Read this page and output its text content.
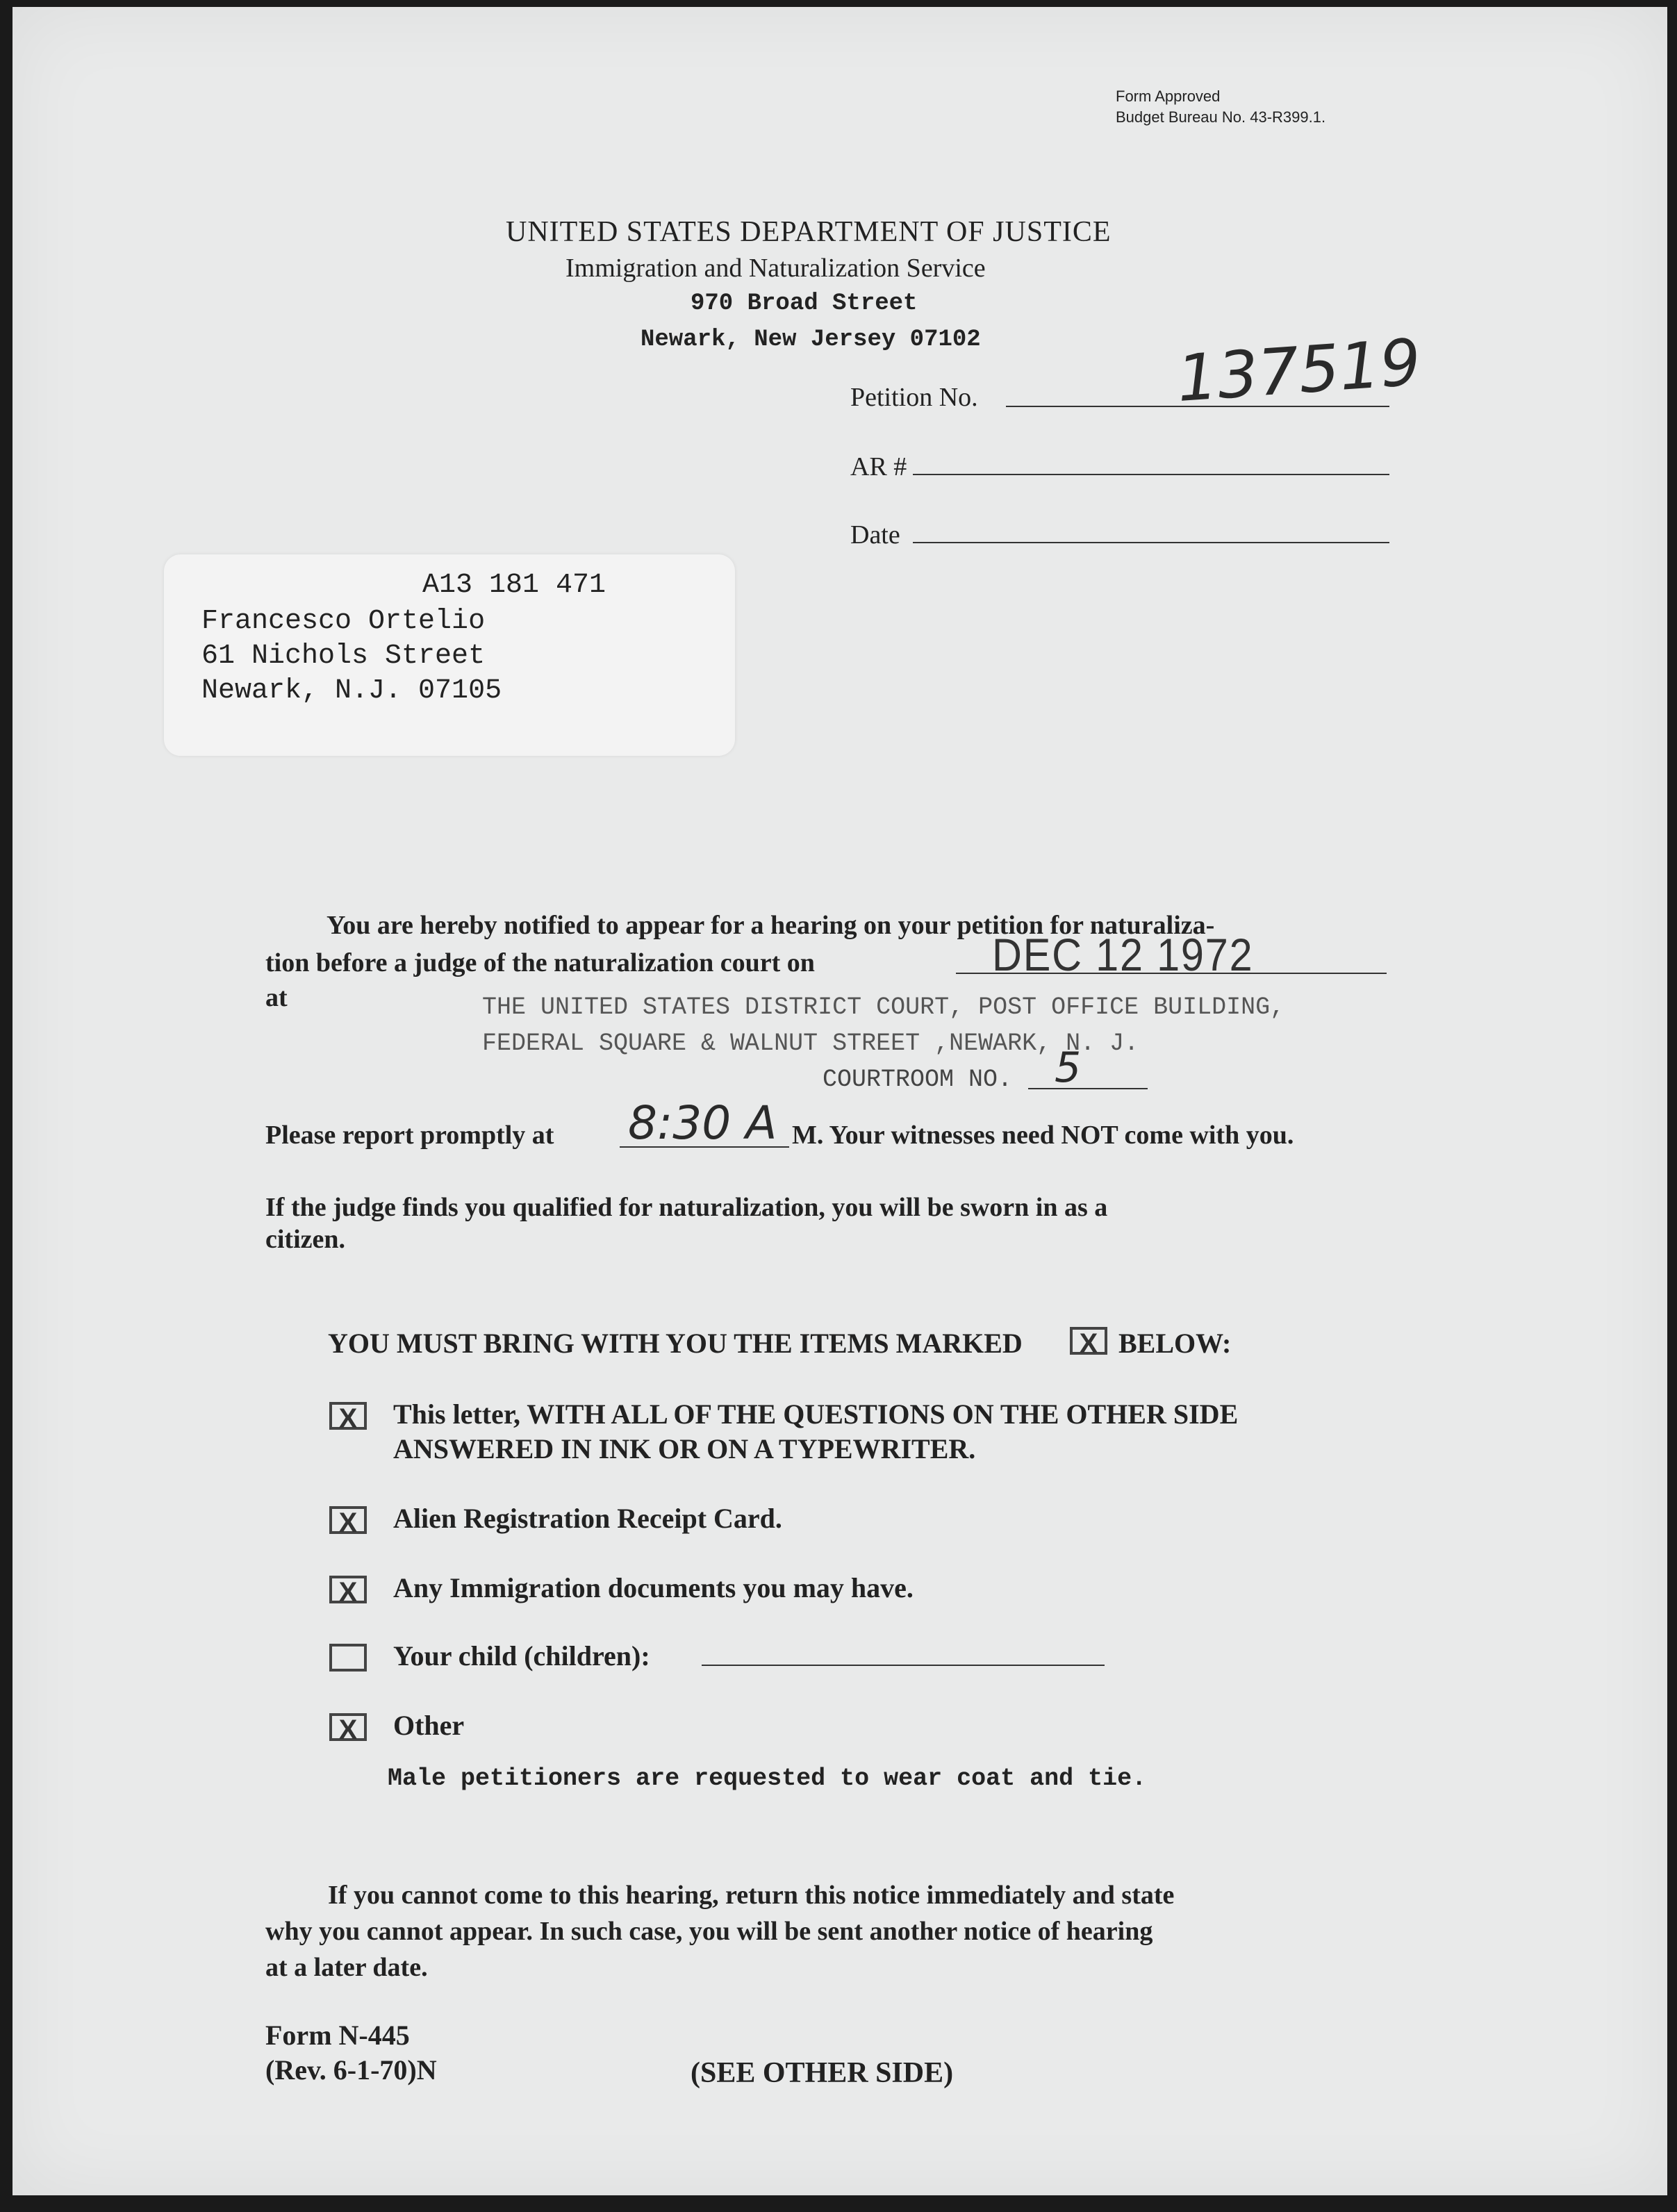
Form Approved
Budget Bureau No. 43-R399.1.
UNITED STATES DEPARTMENT OF JUSTICE
Immigration and Naturalization Service
970 Broad Street
Newark, New Jersey 07102
Petition No.	137519
AR #
Date
A13 181 471
Francesco Ortelio
61 Nichols Street
Newark, N.J. 07105
You are hereby notified to appear for a hearing on your petition for naturaliza-
tion before a judge of the naturalization court on	DEC 12 1972
at	THE UNITED STATES DISTRICT COURT, POST OFFICE BUILDING,
FEDERAL SQUARE & WALNUT STREET ,NEWARK, N. J.
COURTROOM NO. 5
Please report promptly at 8:30 A M. Your witnesses need NOT come with you.
If the judge finds you qualified for naturalization, you will be sworn in as a
citizen.
YOU MUST BRING WITH YOU THE ITEMS MARKED	X BELOW:
X	This letter, WITH ALL OF THE QUESTIONS ON THE OTHER SIDE
ANSWERED IN INK OR ON A TYPEWRITER.
X	Alien Registration Receipt Card.
X	Any Immigration documents you may have.
Your child (children):
X	Other
Male petitioners are requested to wear coat and tie.
If you cannot come to this hearing, return this notice immediately and state
why you cannot appear. In such case, you will be sent another notice of hearing
at a later date.
Form N-445
(Rev. 6-1-70)N	(SEE OTHER SIDE)
